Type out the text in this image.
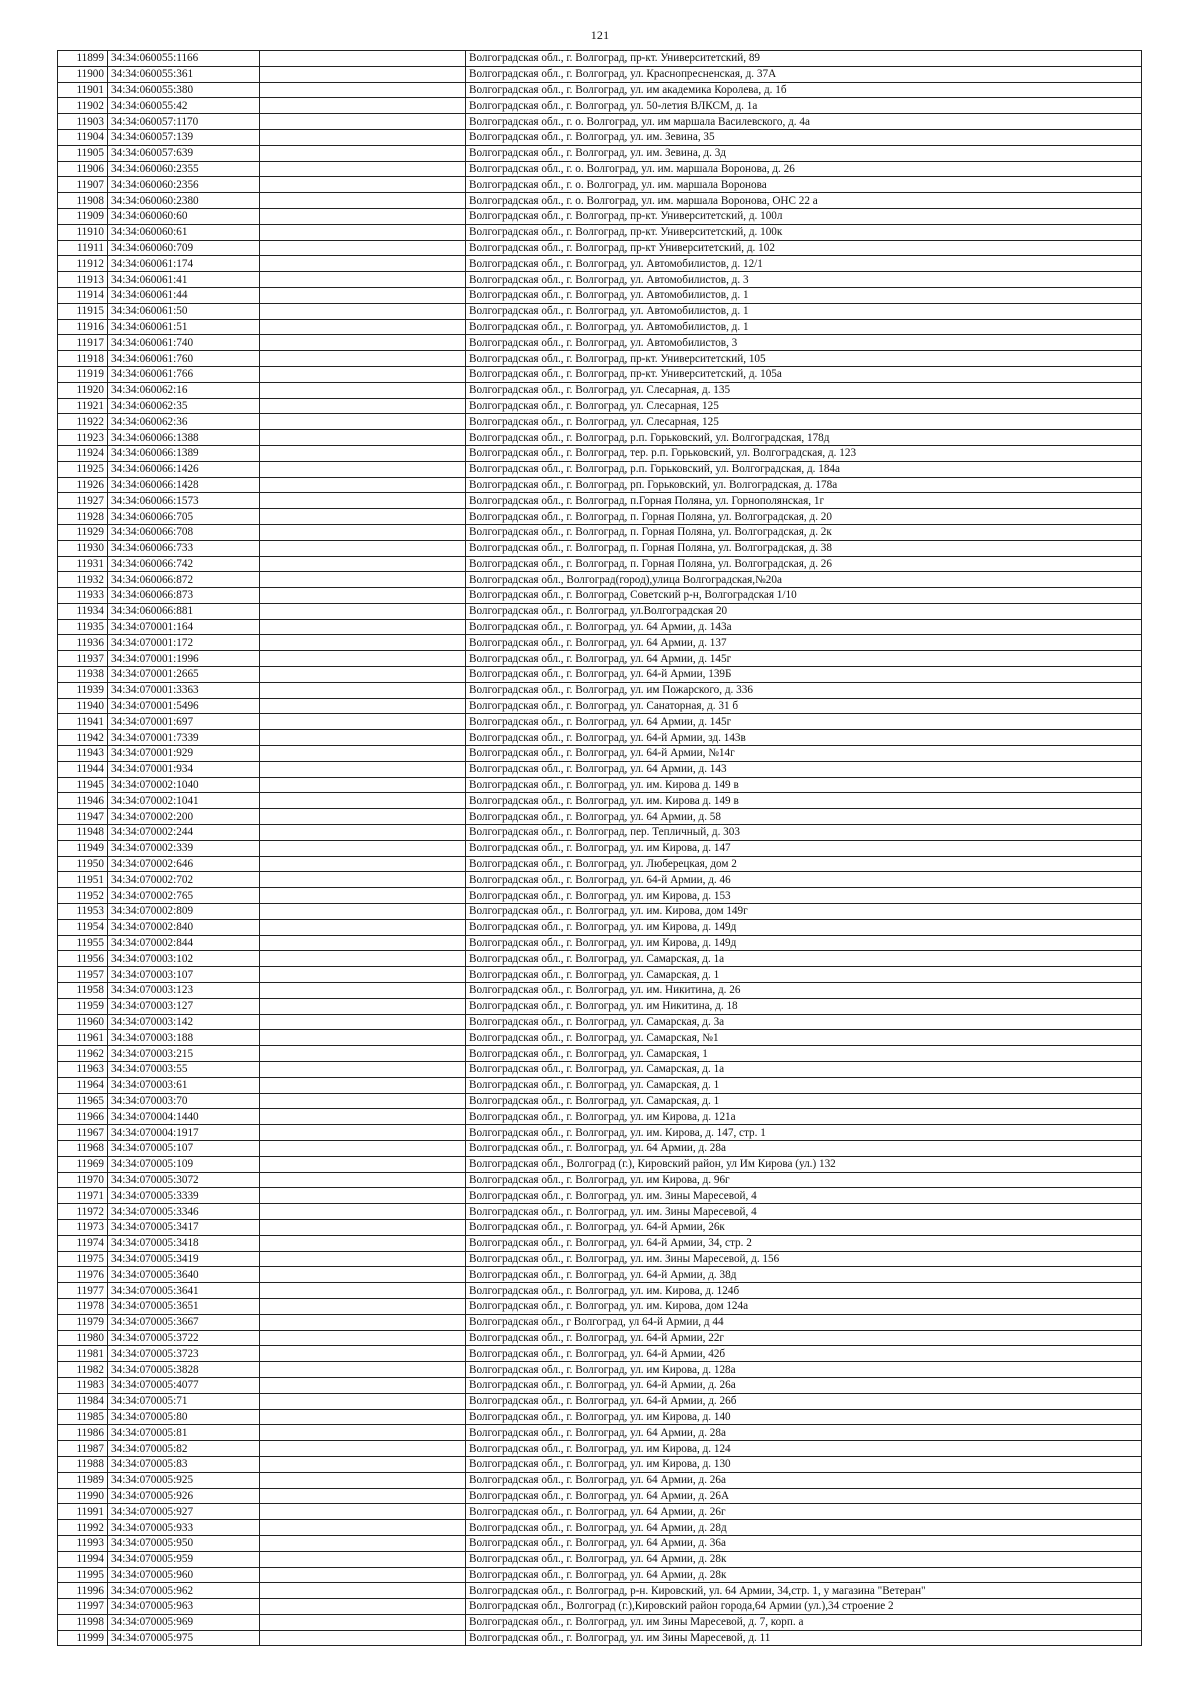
121
11899	34:34:060055:1166		Волгоградская обл., г. Волгоград, пр-кт. Университетский, 89
11900	34:34:060055:361		Волгоградская обл., г. Волгоград, ул. Краснопресненская, д. 37А
11901	34:34:060055:380		Волгоградская обл., г. Волгоград, ул. им академика Королева, д. 1б
11902	34:34:060055:42		Волгоградская обл., г. Волгоград, ул. 50-летия ВЛКСМ, д. 1а
11903	34:34:060057:1170		Волгоградская обл., г. о. Волгоград, ул. им маршала Василевского, д. 4а
11904	34:34:060057:139		Волгоградская обл., г. Волгоград, ул. им. Зевина, 35
11905	34:34:060057:639		Волгоградская обл., г. Волгоград, ул. им. Зевина, д. 3д
11906	34:34:060060:2355		Волгоградская обл., г. о. Волгоград, ул. им. маршала Воронова, д. 26
11907	34:34:060060:2356		Волгоградская обл., г. о. Волгоград, ул. им. маршала Воронова
11908	34:34:060060:2380		Волгоградская обл., г. о. Волгоград, ул. им. маршала Воронова, ОНС 22 а
11909	34:34:060060:60		Волгоградская обл., г. Волгоград, пр-кт. Университетский, д. 100л
11910	34:34:060060:61		Волгоградская обл., г. Волгоград, пр-кт. Университетский, д. 100к
11911	34:34:060060:709		Волгоградская обл., г. Волгоград, пр-кт Университетский, д. 102
11912	34:34:060061:174		Волгоградская обл., г. Волгоград, ул. Автомобилистов, д. 12/1
11913	34:34:060061:41		Волгоградская обл., г. Волгоград, ул. Автомобилистов, д. 3
11914	34:34:060061:44		Волгоградская обл., г. Волгоград, ул. Автомобилистов, д. 1
11915	34:34:060061:50		Волгоградская обл., г. Волгоград, ул. Автомобилистов, д. 1
11916	34:34:060061:51		Волгоградская обл., г. Волгоград, ул. Автомобилистов, д. 1
11917	34:34:060061:740		Волгоградская обл., г. Волгоград, ул. Автомобилистов, 3
11918	34:34:060061:760		Волгоградская обл., г. Волгоград, пр-кт. Университетский, 105
11919	34:34:060061:766		Волгоградская обл., г. Волгоград, пр-кт. Университетский, д. 105а
11920	34:34:060062:16		Волгоградская обл., г. Волгоград, ул. Слесарная, д. 135
11921	34:34:060062:35		Волгоградская обл., г. Волгоград, ул. Слесарная, 125
11922	34:34:060062:36		Волгоградская обл., г. Волгоград, ул. Слесарная, 125
11923	34:34:060066:1388		Волгоградская обл., г. Волгоград, р.п. Горьковский, ул. Волгоградская, 178д
11924	34:34:060066:1389		Волгоградская обл., г. Волгоград, тер. р.п. Горьковский, ул. Волгоградская, д. 123
11925	34:34:060066:1426		Волгоградская обл., г. Волгоград, р.п. Горьковский, ул. Волгоградская, д. 184а
11926	34:34:060066:1428		Волгоградская обл., г. Волгоград, рп. Горьковский, ул. Волгоградская, д. 178а
11927	34:34:060066:1573		Волгоградская обл., г. Волгоград, п.Горная Поляна, ул. Горнополянская, 1г
11928	34:34:060066:705		Волгоградская обл., г. Волгоград, п. Горная Поляна, ул. Волгоградская, д. 20
11929	34:34:060066:708		Волгоградская обл., г. Волгоград, п. Горная Поляна, ул. Волгоградская, д. 2к
11930	34:34:060066:733		Волгоградская обл., г. Волгоград, п. Горная Поляна, ул. Волгоградская, д. 38
11931	34:34:060066:742		Волгоградская обл., г. Волгоград, п. Горная Поляна, ул. Волгоградская, д. 26
11932	34:34:060066:872		Волгоградская обл., Волгоград(город),улица Волгоградская,№20а
11933	34:34:060066:873		Волгоградская обл., г. Волгоград, Советский р-н, Волгоградская 1/10
11934	34:34:060066:881		Волгоградская обл., г. Волгоград, ул.Волгоградская 20
11935	34:34:070001:164		Волгоградская обл., г. Волгоград, ул. 64 Армии, д. 143а
11936	34:34:070001:172		Волгоградская обл., г. Волгоград, ул. 64 Армии, д. 137
11937	34:34:070001:1996		Волгоградская обл., г. Волгоград, ул. 64 Армии, д. 145г
11938	34:34:070001:2665		Волгоградская обл., г. Волгоград, ул. 64-й Армии, 139Б
11939	34:34:070001:3363		Волгоградская обл., г. Волгоград, ул. им Пожарского, д. 336
11940	34:34:070001:5496		Волгоградская обл., г. Волгоград, ул. Санаторная, д. 31 б
11941	34:34:070001:697		Волгоградская обл., г. Волгоград, ул. 64 Армии, д. 145г
11942	34:34:070001:7339		Волгоградская обл., г. Волгоград, ул. 64-й Армии, зд. 143в
11943	34:34:070001:929		Волгоградская обл., г. Волгоград, ул. 64-й Армии, №14г
11944	34:34:070001:934		Волгоградская обл., г. Волгоград, ул. 64 Армии, д. 143
11945	34:34:070002:1040		Волгоградская обл., г. Волгоград, ул. им. Кирова д. 149 в
11946	34:34:070002:1041		Волгоградская обл., г. Волгоград, ул. им. Кирова д. 149 в
11947	34:34:070002:200		Волгоградская обл., г. Волгоград, ул. 64 Армии, д. 58
11948	34:34:070002:244		Волгоградская обл., г. Волгоград, пер. Тепличный, д. 303
11949	34:34:070002:339		Волгоградская обл., г. Волгоград, ул. им Кирова, д. 147
11950	34:34:070002:646		Волгоградская обл., г. Волгоград, ул. Люберецкая, дом 2
11951	34:34:070002:702		Волгоградская обл., г. Волгоград, ул. 64-й Армии, д. 46
11952	34:34:070002:765		Волгоградская обл., г. Волгоград, ул. им Кирова, д. 153
11953	34:34:070002:809		Волгоградская обл., г. Волгоград, ул. им. Кирова, дом 149г
11954	34:34:070002:840		Волгоградская обл., г. Волгоград, ул. им Кирова, д. 149д
11955	34:34:070002:844		Волгоградская обл., г. Волгоград, ул. им Кирова, д. 149д
11956	34:34:070003:102		Волгоградская обл., г. Волгоград, ул. Самарская, д. 1а
11957	34:34:070003:107		Волгоградская обл., г. Волгоград, ул. Самарская, д. 1
11958	34:34:070003:123		Волгоградская обл., г. Волгоград, ул. им. Никитина, д. 26
11959	34:34:070003:127		Волгоградская обл., г. Волгоград, ул. им Никитина, д. 18
11960	34:34:070003:142		Волгоградская обл., г. Волгоград, ул. Самарская, д. 3а
11961	34:34:070003:188		Волгоградская обл., г. Волгоград, ул. Самарская, №1
11962	34:34:070003:215		Волгоградская обл., г. Волгоград, ул. Самарская, 1
11963	34:34:070003:55		Волгоградская обл., г. Волгоград, ул. Самарская, д. 1а
11964	34:34:070003:61		Волгоградская обл., г. Волгоград, ул. Самарская, д. 1
11965	34:34:070003:70		Волгоградская обл., г. Волгоград, ул. Самарская, д. 1
11966	34:34:070004:1440		Волгоградская обл., г. Волгоград, ул. им Кирова, д. 121а
11967	34:34:070004:1917		Волгоградская обл., г. Волгоград, ул. им. Кирова, д. 147, стр. 1
11968	34:34:070005:107		Волгоградская обл., г. Волгоград, ул. 64 Армии, д. 28а
11969	34:34:070005:109		Волгоградская обл., Волгоград (г.), Кировский район, ул Им Кирова (ул.) 132
11970	34:34:070005:3072		Волгоградская обл., г. Волгоград, ул. им Кирова, д. 96г
11971	34:34:070005:3339		Волгоградская обл., г. Волгоград, ул. им. Зины Маресевой, 4
11972	34:34:070005:3346		Волгоградская обл., г. Волгоград, ул. им. Зины Маресевой, 4
11973	34:34:070005:3417		Волгоградская обл., г. Волгоград, ул. 64-й Армии, 26к
11974	34:34:070005:3418		Волгоградская обл., г. Волгоград, ул. 64-й Армии, 34, стр. 2
11975	34:34:070005:3419		Волгоградская обл., г. Волгоград, ул. им. Зины Маресевой, д. 156
11976	34:34:070005:3640		Волгоградская обл., г. Волгоград, ул. 64-й Армии, д. 38д
11977	34:34:070005:3641		Волгоградская обл., г. Волгоград, ул. им. Кирова, д. 124б
11978	34:34:070005:3651		Волгоградская обл., г. Волгоград, ул. им. Кирова, дом 124а
11979	34:34:070005:3667		Волгоградская обл., г Волгоград, ул 64-й Армии, д 44
11980	34:34:070005:3722		Волгоградская обл., г. Волгоград, ул. 64-й Армии, 22г
11981	34:34:070005:3723		Волгоградская обл., г. Волгоград, ул. 64-й Армии, 42б
11982	34:34:070005:3828		Волгоградская обл., г. Волгоград, ул. им Кирова, д. 128а
11983	34:34:070005:4077		Волгоградская обл., г. Волгоград, ул. 64-й Армии, д. 26а
11984	34:34:070005:71		Волгоградская обл., г. Волгоград, ул. 64-й Армии, д. 26б
11985	34:34:070005:80		Волгоградская обл., г. Волгоград, ул. им Кирова, д. 140
11986	34:34:070005:81		Волгоградская обл., г. Волгоград, ул. 64 Армии, д. 28а
11987	34:34:070005:82		Волгоградская обл., г. Волгоград, ул. им Кирова, д. 124
11988	34:34:070005:83		Волгоградская обл., г. Волгоград, ул. им Кирова, д. 130
11989	34:34:070005:925		Волгоградская обл., г. Волгоград, ул. 64 Армии, д. 26а
11990	34:34:070005:926		Волгоградская обл., г. Волгоград, ул. 64 Армии, д. 26А
11991	34:34:070005:927		Волгоградская обл., г. Волгоград, ул. 64 Армии, д. 26г
11992	34:34:070005:933		Волгоградская обл., г. Волгоград, ул. 64 Армии, д. 28д
11993	34:34:070005:950		Волгоградская обл., г. Волгоград, ул. 64 Армии, д. 36а
11994	34:34:070005:959		Волгоградская обл., г. Волгоград, ул. 64 Армии, д. 28к
11995	34:34:070005:960		Волгоградская обл., г. Волгоград, ул. 64 Армии, д. 28к
11996	34:34:070005:962		Волгоградская обл., г. Волгоград, р-н. Кировский, ул. 64 Армии, 34,стр. 1, у магазина "Ветеран"
11997	34:34:070005:963		Волгоградская обл., Волгоград (г.),Кировский район города,64 Армии (ул.),34 строение 2
11998	34:34:070005:969		Волгоградская обл., г. Волгоград, ул. им Зины Маресевой, д. 7, корп. а
11999	34:34:070005:975		Волгоградская обл., г. Волгоград, ул. им Зины Маресевой, д. 11
